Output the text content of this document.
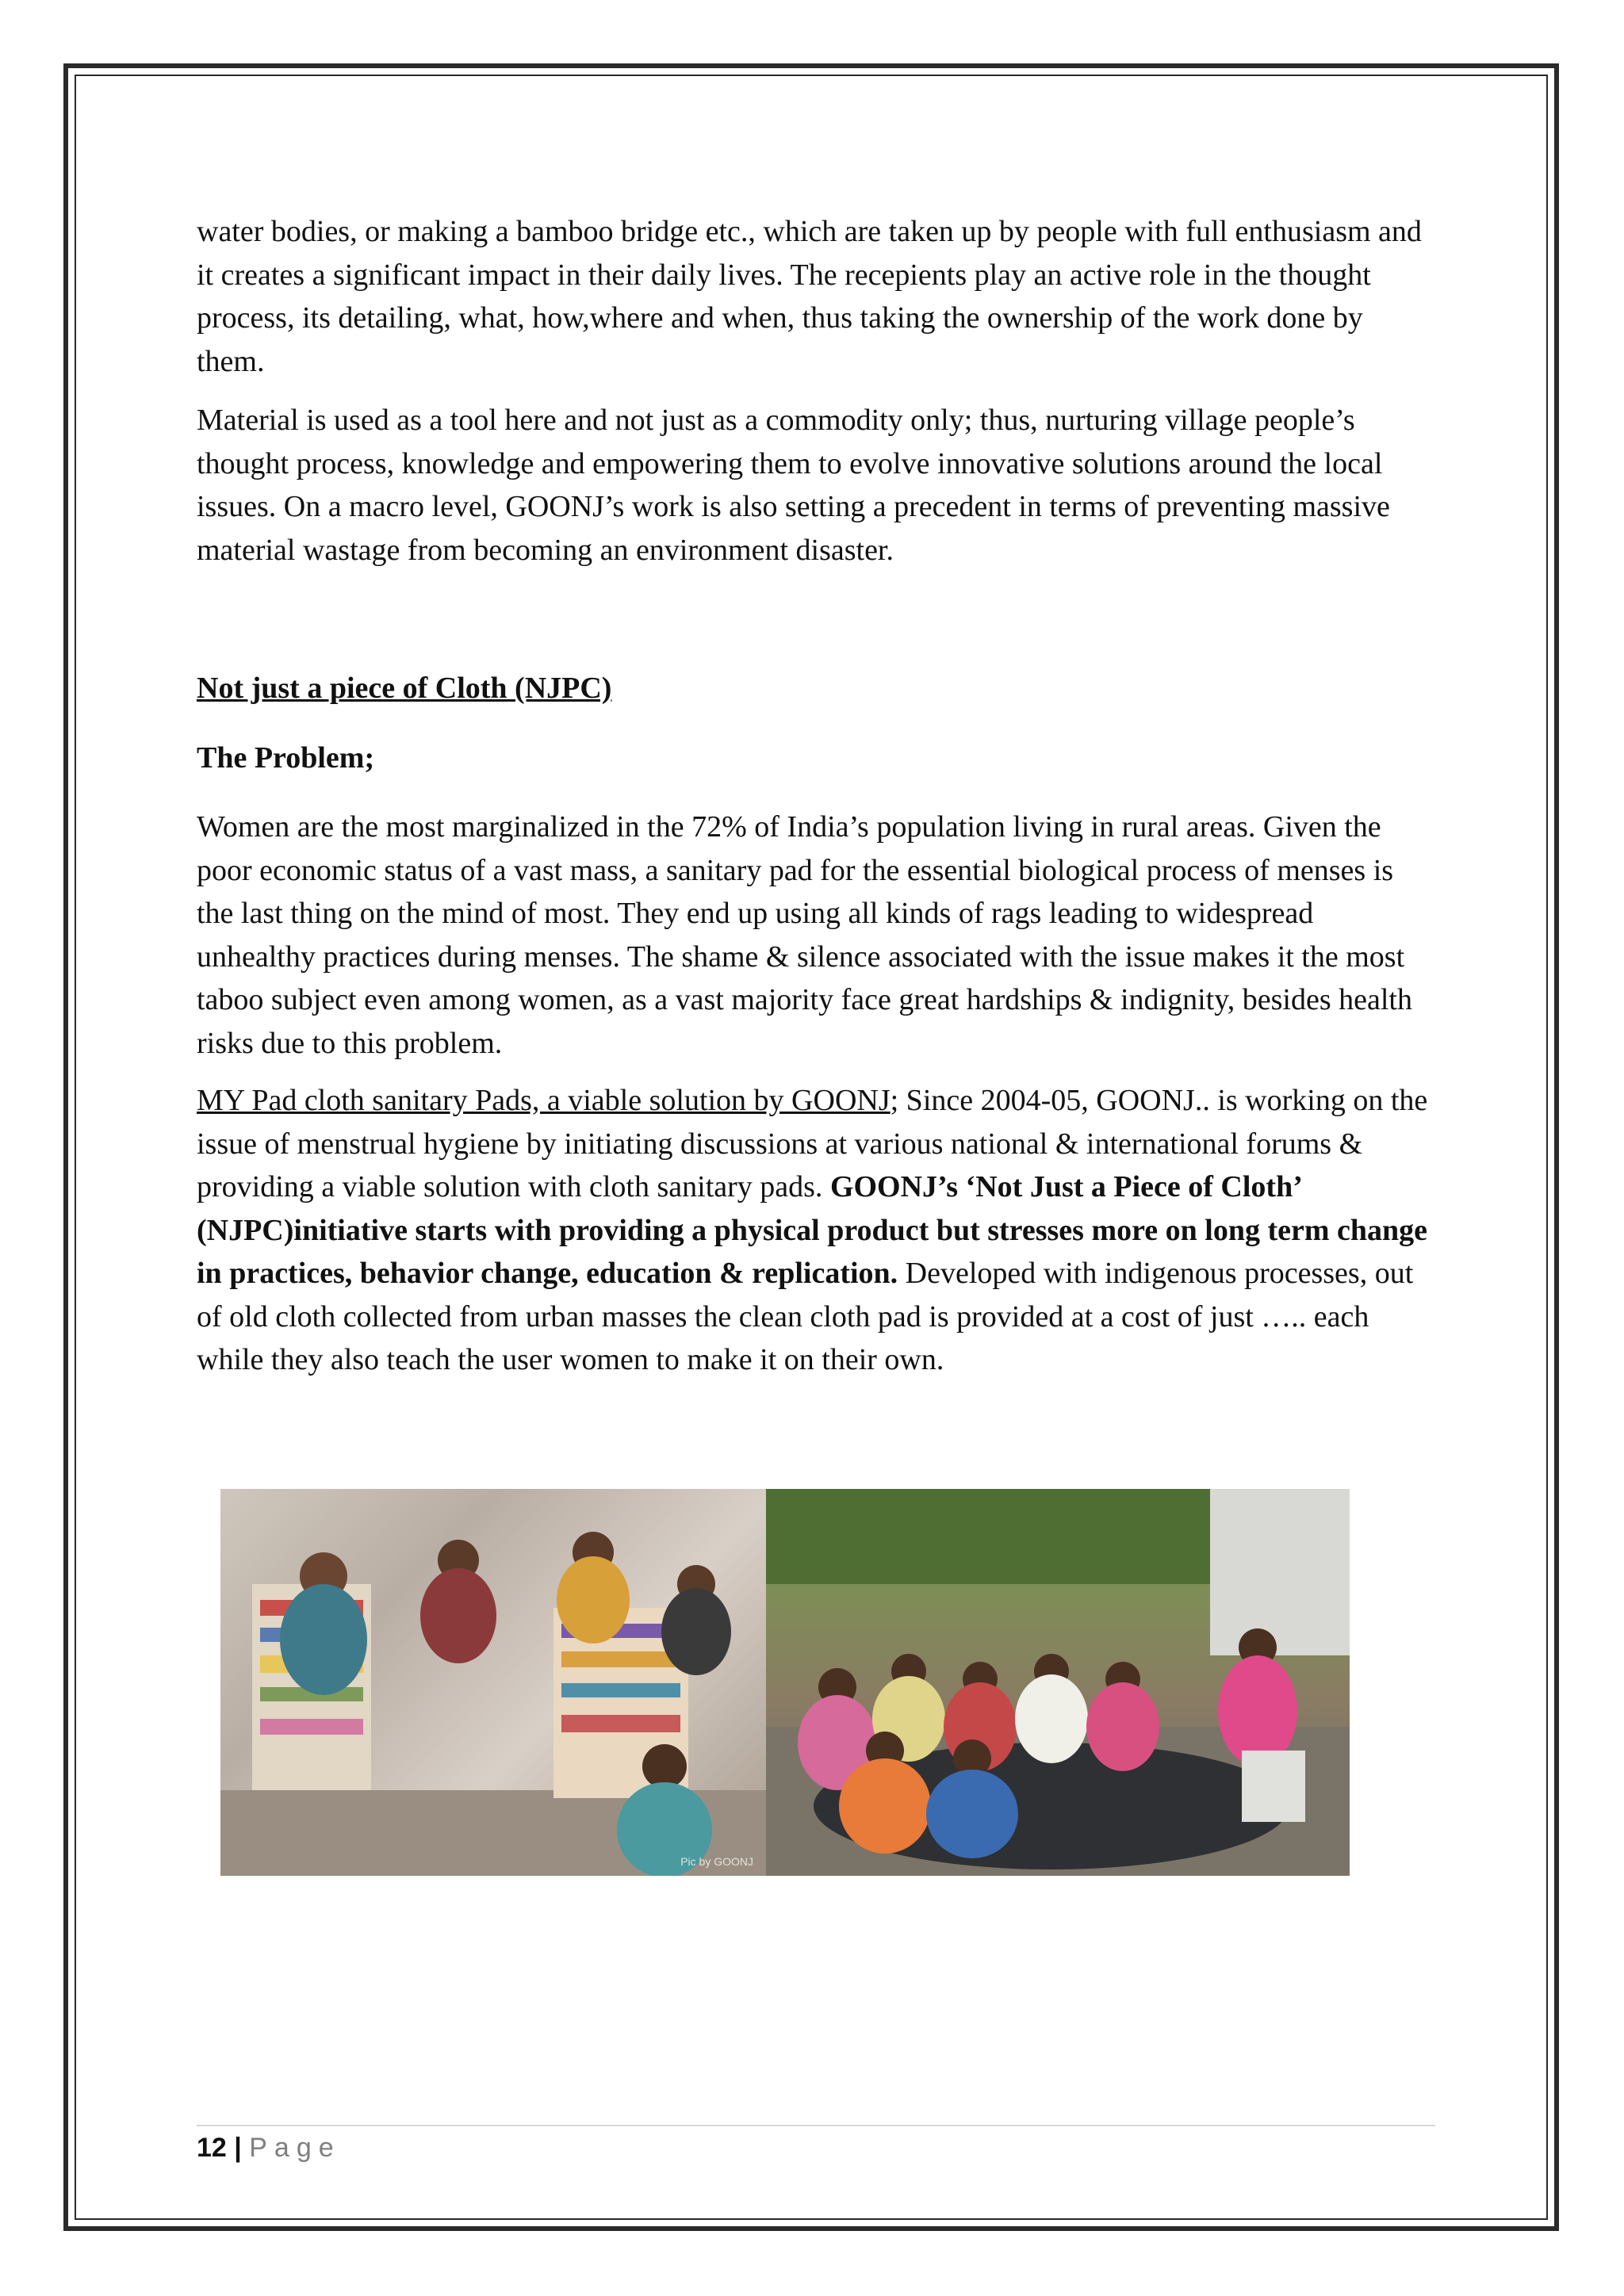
water bodies, or making a bamboo bridge etc., which are taken up by people with full enthusiasm and it creates a significant impact in their daily lives. The recepients play an active role in the thought process, its detailing, what, how,where and when, thus taking the ownership of the work done by them.

Material is used as a tool here and not just as a commodity only; thus, nurturing village people’s thought process, knowledge and empowering them to evolve innovative solutions around the local issues. On a macro level, GOONJ’s work is also setting a precedent in terms of preventing massive material wastage from becoming an environment disaster.

Not just a piece of Cloth (NJPC)

The Problem;

Women are the most marginalized in the 72% of India’s population living in rural areas. Given the poor economic status of a vast mass, a sanitary pad for the essential biological process of menses is the last thing on the mind of most. They end up using all kinds of rags leading to widespread unhealthy practices during menses. The shame & silence associated with the issue makes it the most taboo subject even among women, as a vast majority face great hardships & indignity, besides health risks due to this problem.

MY Pad cloth sanitary Pads, a viable solution by GOONJ; Since 2004-05, GOONJ.. is working on the issue of menstrual hygiene by initiating discussions at various national & international forums & providing a viable solution with cloth sanitary pads. GOONJ’s ‘Not Just a Piece of Cloth’ (NJPC)initiative starts with providing a physical product but stresses more on long term change in practices, behavior change, education & replication. Developed with indigenous processes, out of old cloth collected from urban masses the clean cloth pad is provided at a cost of just ….. each while they also teach the user women to make it on their own.

Pic by GOONJ
12 | Page
